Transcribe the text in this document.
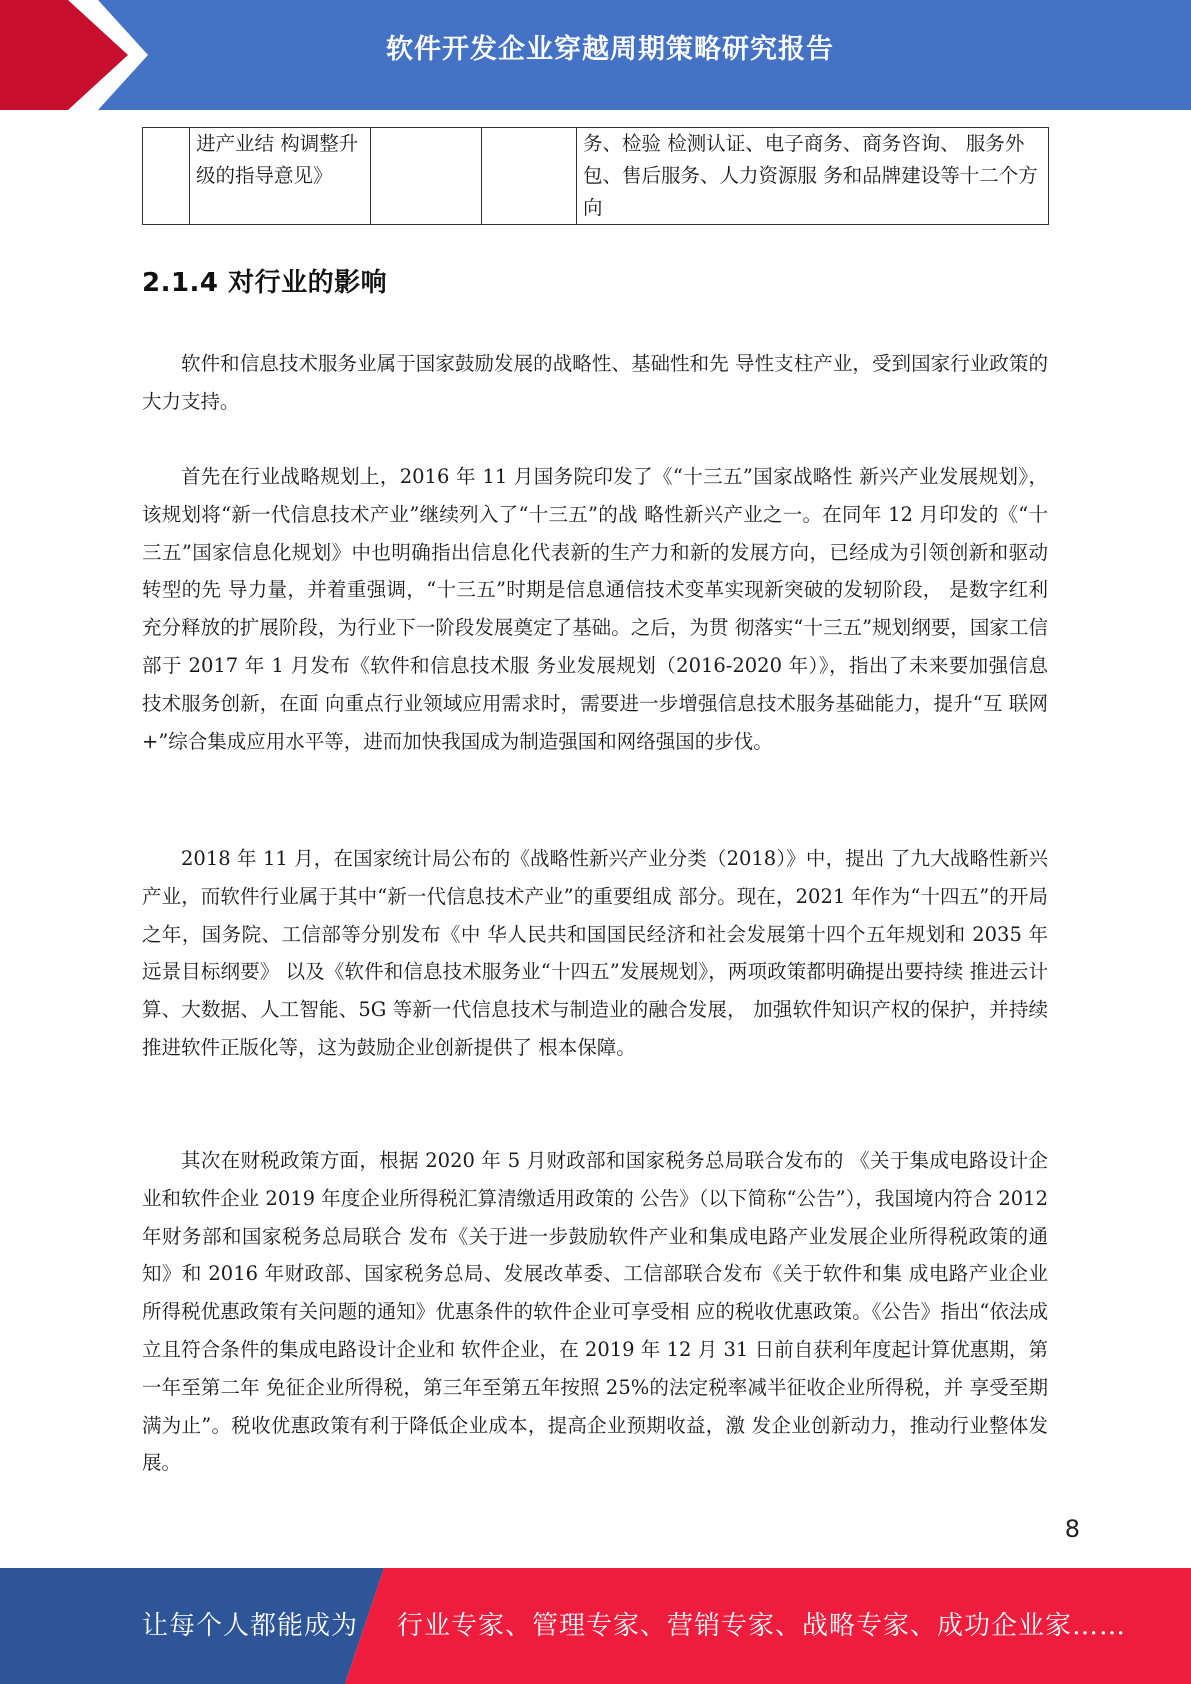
软件开发企业穿越周期策略研究报告
	进产业结 构调整升级的指导意见》			务、检验 检测认证、电子商务、商务咨询、 服务外包、售后服务、人力资源服 务和品牌建设等十二个方向
2.1.4 对行业的影响

软件和信息技术服务业属于国家鼓励发展的战略性、基础性和先 导性支柱产业，受到国家行业政策的大力支持。

首先在行业战略规划上，2016 年 11 月国务院印发了《“十三五”国家战略性 新兴产业发展规划》，该规划将“新一代信息技术产业”继续列入了“十三五”的战 略性新兴产业之一。在同年 12 月印发的《“十三五”国家信息化规划》中也明确指出信息化代表新的生产力和新的发展方向，已经成为引领创新和驱动转型的先 导力量，并着重强调，“十三五”时期是信息通信技术变革实现新突破的发轫阶段， 是数字红利充分释放的扩展阶段，为行业下一阶段发展奠定了基础。之后，为贯 彻落实“十三五”规划纲要，国家工信部于 2017 年 1 月发布《软件和信息技术服 务业发展规划（2016-2020 年）》，指出了未来要加强信息技术服务创新，在面 向重点行业领域应用需求时，需要进一步增强信息技术服务基础能力，提升“互 联网+”综合集成应用水平等，进而加快我国成为制造强国和网络强国的步伐。

2018 年 11 月，在国家统计局公布的《战略性新兴产业分类（2018）》中，提出 了九大战略性新兴产业，而软件行业属于其中“新一代信息技术产业”的重要组成 部分。现在，2021 年作为“十四五”的开局之年，国务院、工信部等分别发布《中 华人民共和国国民经济和社会发展第十四个五年规划和 2035 年远景目标纲要》 以及《软件和信息技术服务业“十四五”发展规划》，两项政策都明确提出要持续 推进云计算、大数据、人工智能、5G 等新一代信息技术与制造业的融合发展， 加强软件知识产权的保护，并持续推进软件正版化等，这为鼓励企业创新提供了 根本保障。

其次在财税政策方面，根据 2020 年 5 月财政部和国家税务总局联合发布的 《关于集成电路设计企业和软件企业 2019 年度企业所得税汇算清缴适用政策的 公告》（以下简称“公告”），我国境内符合 2012 年财务部和国家税务总局联合 发布《关于进一步鼓励软件产业和集成电路产业发展企业所得税政策的通知》和 2016 年财政部、国家税务总局、发展改革委、工信部联合发布《关于软件和集 成电路产业企业所得税优惠政策有关问题的通知》优惠条件的软件企业可享受相 应的税收优惠政策。《公告》指出“依法成立且符合条件的集成电路设计企业和 软件企业，在 2019 年 12 月 31 日前自获利年度起计算优惠期，第一年至第二年 免征企业所得税，第三年至第五年按照 25%的法定税率减半征收企业所得税，并 享受至期满为止”。税收优惠政策有利于降低企业成本，提高企业预期收益，激 发企业创新动力，推动行业整体发展。

8
让每个人都能成为 行业专家、管理专家、营销专家、战略专家、成功企业家……
